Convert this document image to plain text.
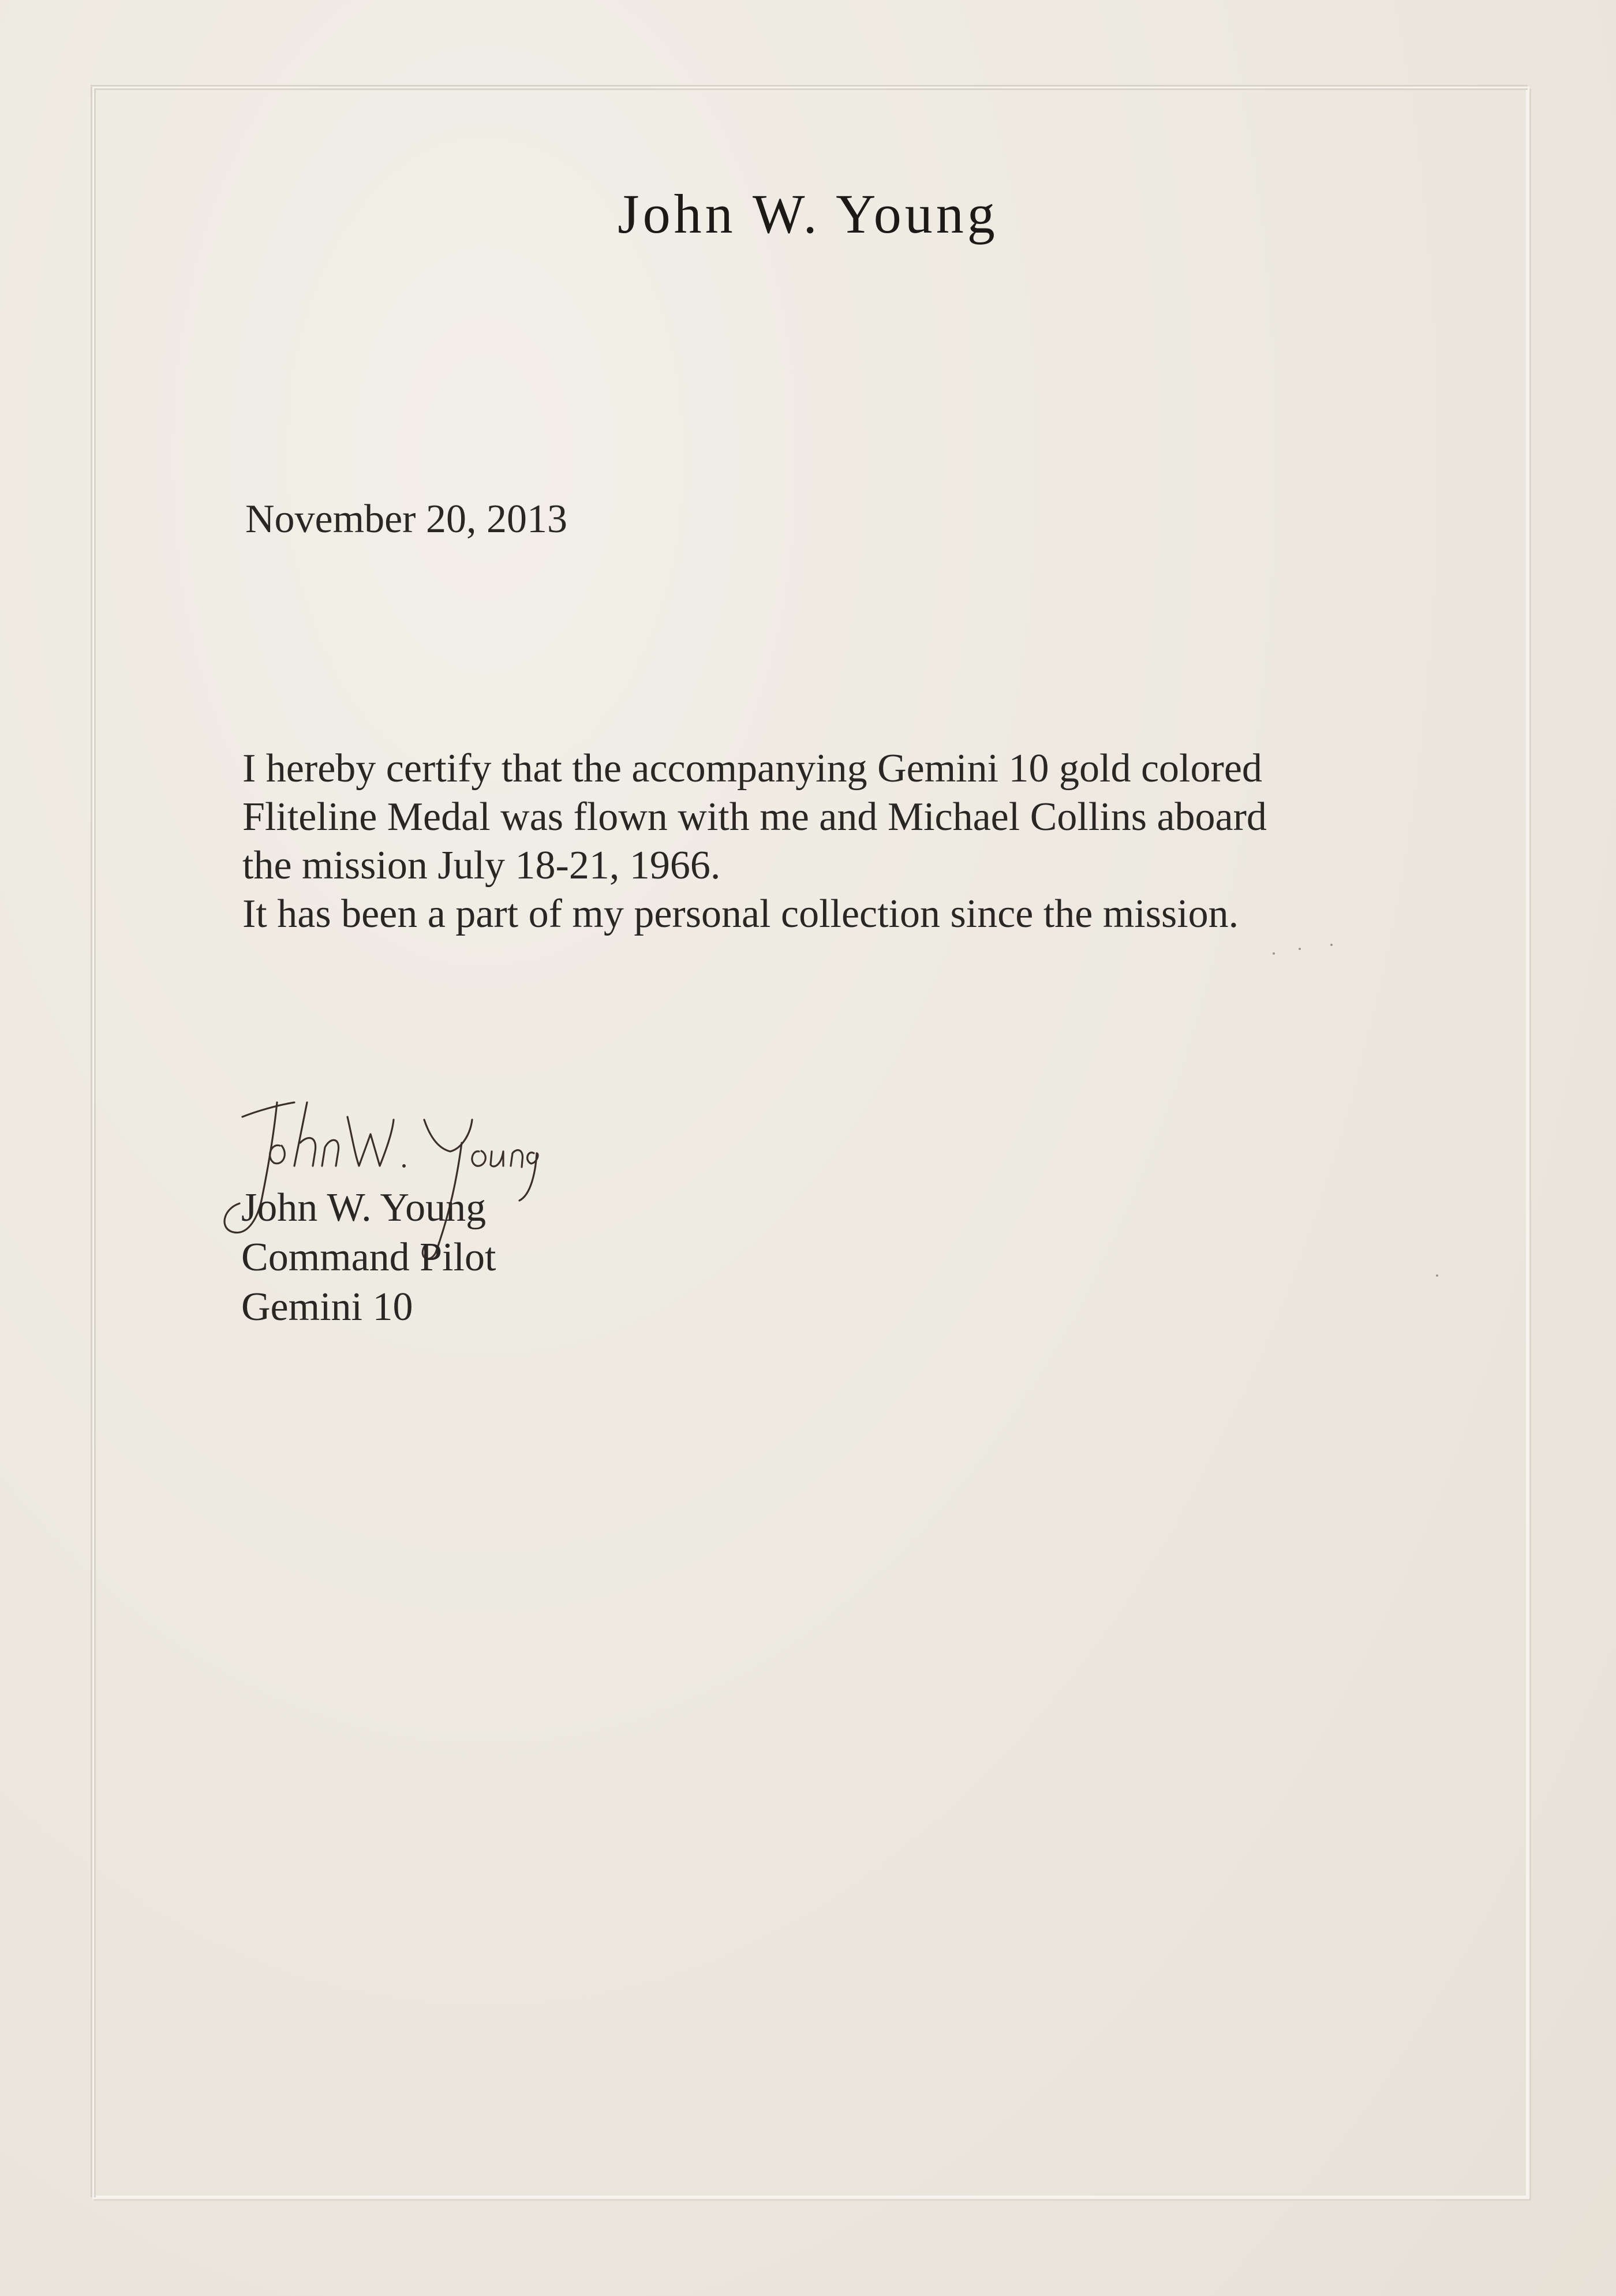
John W. Young

November 20, 2013

I hereby certify that the accompanying Gemini 10 gold colored
Fliteline Medal was flown with me and Michael Collins aboard
the mission July 18-21, 1966.
It has been a part of my personal collection since the mission.

John W. Young
Command Pilot
Gemini 10
